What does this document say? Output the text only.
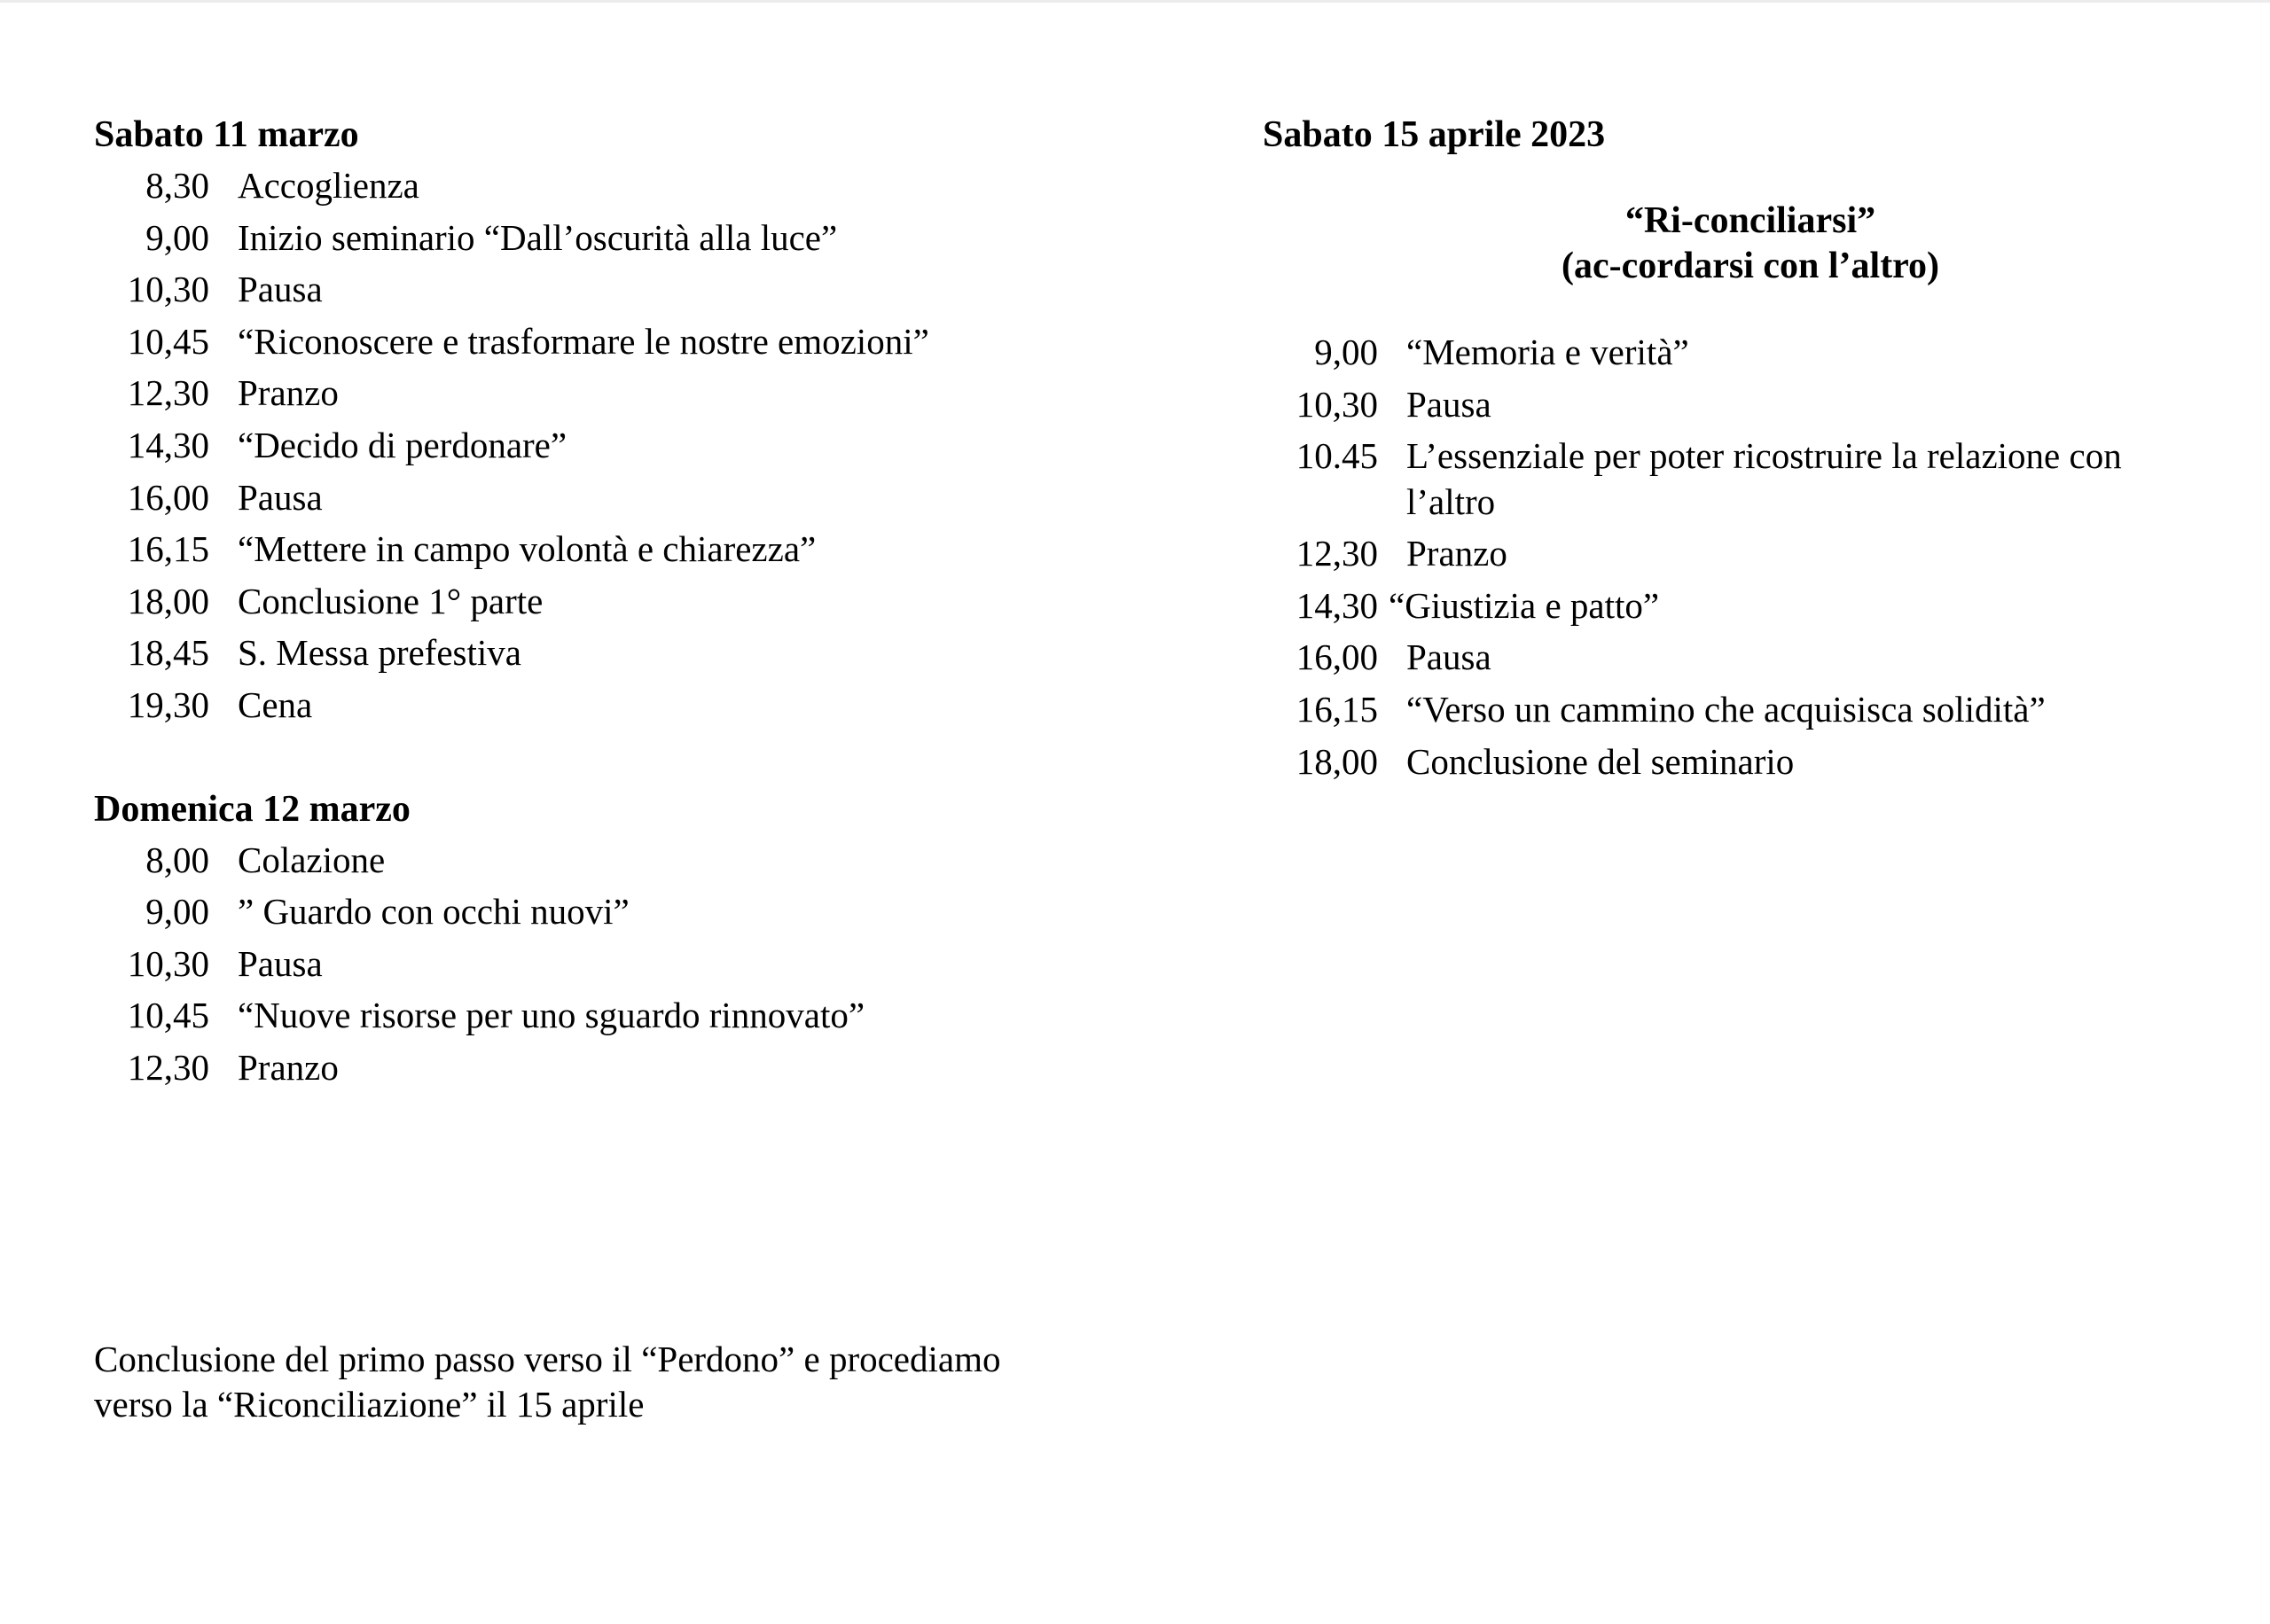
Sabato 11 marzo
8,30 Accoglienza
9,00 Inizio seminario “Dall’oscurità alla luce”
10,30 Pausa
10,45 “Riconoscere e trasformare le nostre emozioni”
12,30 Pranzo
14,30 “Decido di perdonare”
16,00 Pausa
16,15 “Mettere in campo volontà e chiarezza”
18,00 Conclusione 1° parte
18,45 S. Messa prefestiva
19,30 Cena
Domenica 12 marzo
8,00 Colazione
9,00 ” Guardo con occhi nuovi”
10,30 Pausa
10,45 “Nuove risorse per uno sguardo rinnovato”
12,30 Pranzo
Sabato 15 aprile 2023
“Ri-conciliarsi”
(ac-cordarsi con l’altro)
9,00 “Memoria e verità”
10,30 Pausa
10.45 L’essenziale per poter ricostruire la relazione con l’altro
12,30 Pranzo
14,30 “Giustizia e patto”
16,00 Pausa
16,15 “Verso un cammino che acquisisca solidità”
18,00 Conclusione del seminario
Conclusione del primo passo verso il “Perdono” e procediamo
verso la “Riconciliazione” il 15 aprile
